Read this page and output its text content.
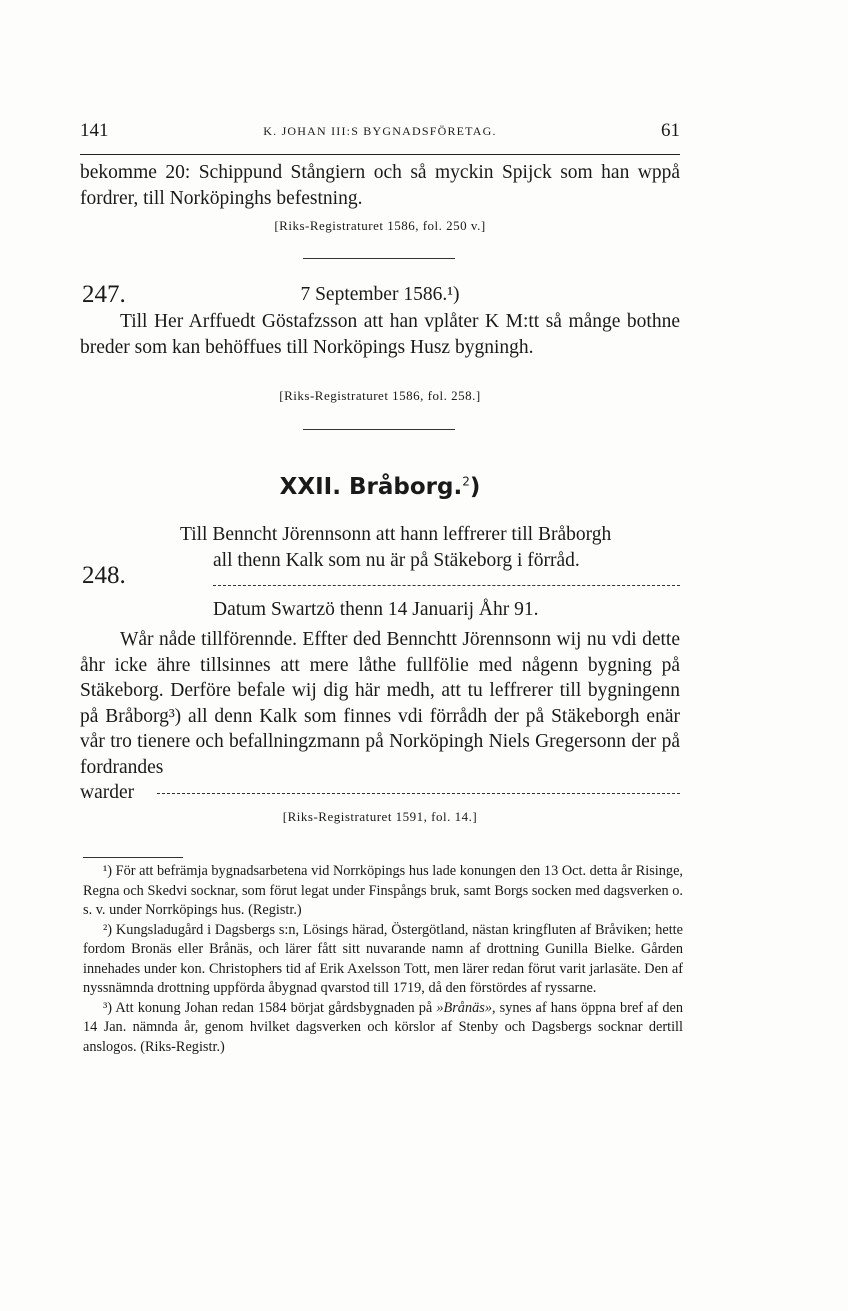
141	K. JOHAN III:S BYGNADSFÖRETAG.	61
bekomme 20: Schippund Stångiern och så myckin Spijck som han wppå fordrer, till Norköpinghs befestning.
[Riks-Registraturet 1586, fol. 250 v.]
247.	7 September 1586.¹)
Till Her Arffuedt Göstafzsson att han vplåter K M:tt så månge bothne breder som kan behöffues till Norköpings Husz bygningh.
[Riks-Registraturet 1586, fol. 258.]
XXII. Bråborg.$^2$)
248.
Till Benncht Jörennsonn att hann leffrerer till Bråborgh
all thenn Kalk som nu är på Stäkeborg i förråd.
Datum Swartzö thenn 14 Januarij Åhr 91.
Wår nåde tillförennde. Effter ded Bennchtt Jörennsonn wij nu vdi dette åhr icke ähre tillsinnes att mere låthe fullfölie med någenn bygning på Stäkeborg. Derföre befale wij dig här medh, att tu leffrerer till bygningenn på Bråborg³) all denn Kalk som finnes vdi förrådh der på Stäkeborgh enär vår tro tienere och befallningzmann på Norköpingh Niels Gregersonn der på fordrandes
warder
[Riks-Registraturet 1591, fol. 14.]

¹) För att befrämja bygnadsarbetena vid Norrköpings hus lade konungen den 13 Oct. detta år Risinge, Regna och Skedvi socknar, som förut legat under Finspångs bruk, samt Borgs socken med dagsverken o. s. v. under Norrköpings hus. (Registr.)

²) Kungsladugård i Dagsbergs s:n, Lösings härad, Östergötland, nästan kringfluten af Bråviken; hette fordom Bronäs eller Brånäs, och lärer fått sitt nuvarande namn af drottning Gunilla Bielke. Gården innehades under kon. Christophers tid af Erik Axelsson Tott, men lärer redan förut varit jarlasäte. Den af nyssnämnda drottning uppförda åbygnad qvarstod till 1719, då den förstördes af ryssarne.

³) Att konung Johan redan 1584 börjat gårdsbygnaden på »Brånäs», synes af hans öppna bref af den 14 Jan. nämnda år, genom hvilket dagsverken och körslor af Stenby och Dagsbergs socknar dertill anslogos. (Riks-Registr.)
